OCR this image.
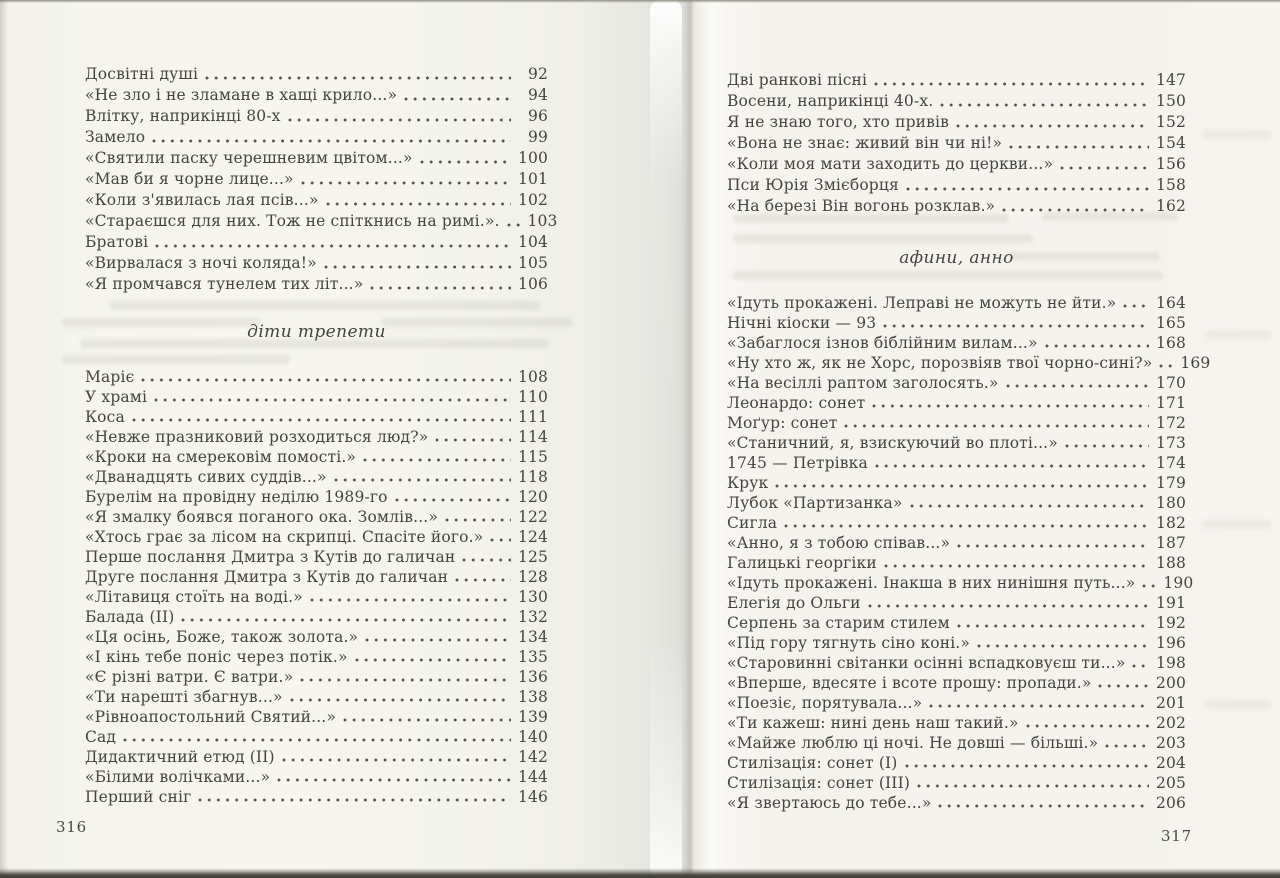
Досвітні душі	92
«Не зло і не зламане в хащі крило...»	94
Влітку, наприкінці 80-х	96
Замело	99
«Святили паску черешневим цвітом...»	100
«Мав би я чорне лице...»	101
«Коли з'явилась лая псів...»	102
«Стараєшся для них. Тож не спіткнись на римі.». 103
Братові	104
«Вирвалася з ночі коляда!»	105
«Я промчався тунелем тих літ...»	106
діти трепети
Маріє	108
У храмі	110
Коса	111
«Невже празниковий розходиться люд?»	114
«Кроки на смерековім помості.»	115
«Дванадцять сивих суддів...»	118
Бурелім на провідну неділю 1989-го	120
«Я змалку боявся поганого ока. Зомлів...»	122
«Хтось грає за лісом на скрипці. Спасіте його.» 124
Перше послання Дмитра з Кутів до галичан	125
Друге послання Дмитра з Кутів до галичан	128
«Літавиця стоїть на воді.»	130
Балада (II)	132
«Ця осінь, Боже, також золота.»	134
«І кінь тебе поніс через потік.»	135
«Є різні ватри. Є ватри.»	136
«Ти нарешті збагнув...»	138
«Рівноапостольний Святий...»	139
Сад	140
Дидактичний етюд (II)	142
«Білими волічками...»	144
Перший сніг	146
Дві ранкові пісні	147
Восени, наприкінці 40-х.	150
Я не знаю того, хто привів	152
«Вона не знає: живий він чи ні!»	154
«Коли моя мати заходить до церкви...»	156
Пси Юрія Змієборця	158
«На березі Він вогонь розклав.»	162
афини, анно
«Ідуть прокажені. Леправі не можуть не йти.»	164
Нічні кіоски — 93	165
«Забаглося ізнов біблійним вилам...»	168
«Ну хто ж, як не Хорс, порозвіяв твої чорно-сині?» 169
«На весіллі раптом заголосять.»	170
Леонардо: сонет	171
Моґур: сонет	172
«Станичний, я, взискуючий во плоті...»	173
1745 — Петрівка	174
Крук	179
Лубок «Партизанка»	180
Сигла	182
«Анно, я з тобою співав...»	187
Галицькі георгіки	188
«Ідуть прокажені. Інакша в них нинішня путь...» 190
Елегія до Ольги	191
Серпень за старим стилем	192
«Під гору тягнуть сіно коні.»	196
«Старовинні світанки осінні вспадковуєш ти...» 198
«Вперше, вдесяте і всоте прошу: пропади.»	200
«Поезіє, порятувала...»	201
«Ти кажеш: нині день наш такий.»	202
«Майже люблю ці ночі. Не довші — більші.»	203
Стилізація: сонет (I)	204
Стилізація: сонет (III)	205
«Я звертаюсь до тебе...»	206
316	317
